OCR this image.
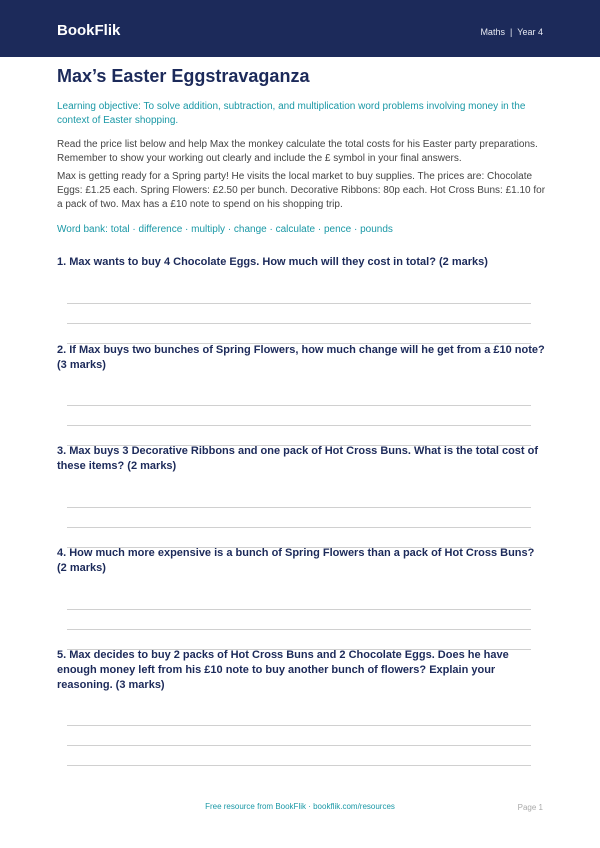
BookFlik	Maths | Year 4
Max’s Easter Eggstravaganza
Learning objective: To solve addition, subtraction, and multiplication word problems involving money in the context of Easter shopping.
Read the price list below and help Max the monkey calculate the total costs for his Easter party preparations. Remember to show your working out clearly and include the £ symbol in your final answers.
Max is getting ready for a Spring party! He visits the local market to buy supplies. The prices are: Chocolate Eggs: £1.25 each. Spring Flowers: £2.50 per bunch. Decorative Ribbons: 80p each. Hot Cross Buns: £1.10 for a pack of two. Max has a £10 note to spend on his shopping trip.
Word bank: total · difference · multiply · change · calculate · pence · pounds
1. Max wants to buy 4 Chocolate Eggs. How much will they cost in total? (2 marks)
2. If Max buys two bunches of Spring Flowers, how much change will he get from a £10 note? (3 marks)
3. Max buys 3 Decorative Ribbons and one pack of Hot Cross Buns. What is the total cost of these items? (2 marks)
4. How much more expensive is a bunch of Spring Flowers than a pack of Hot Cross Buns? (2 marks)
5. Max decides to buy 2 packs of Hot Cross Buns and 2 Chocolate Eggs. Does he have enough money left from his £10 note to buy another bunch of flowers? Explain your reasoning. (3 marks)
Free resource from BookFlik · bookflik.com/resources	Page 1
